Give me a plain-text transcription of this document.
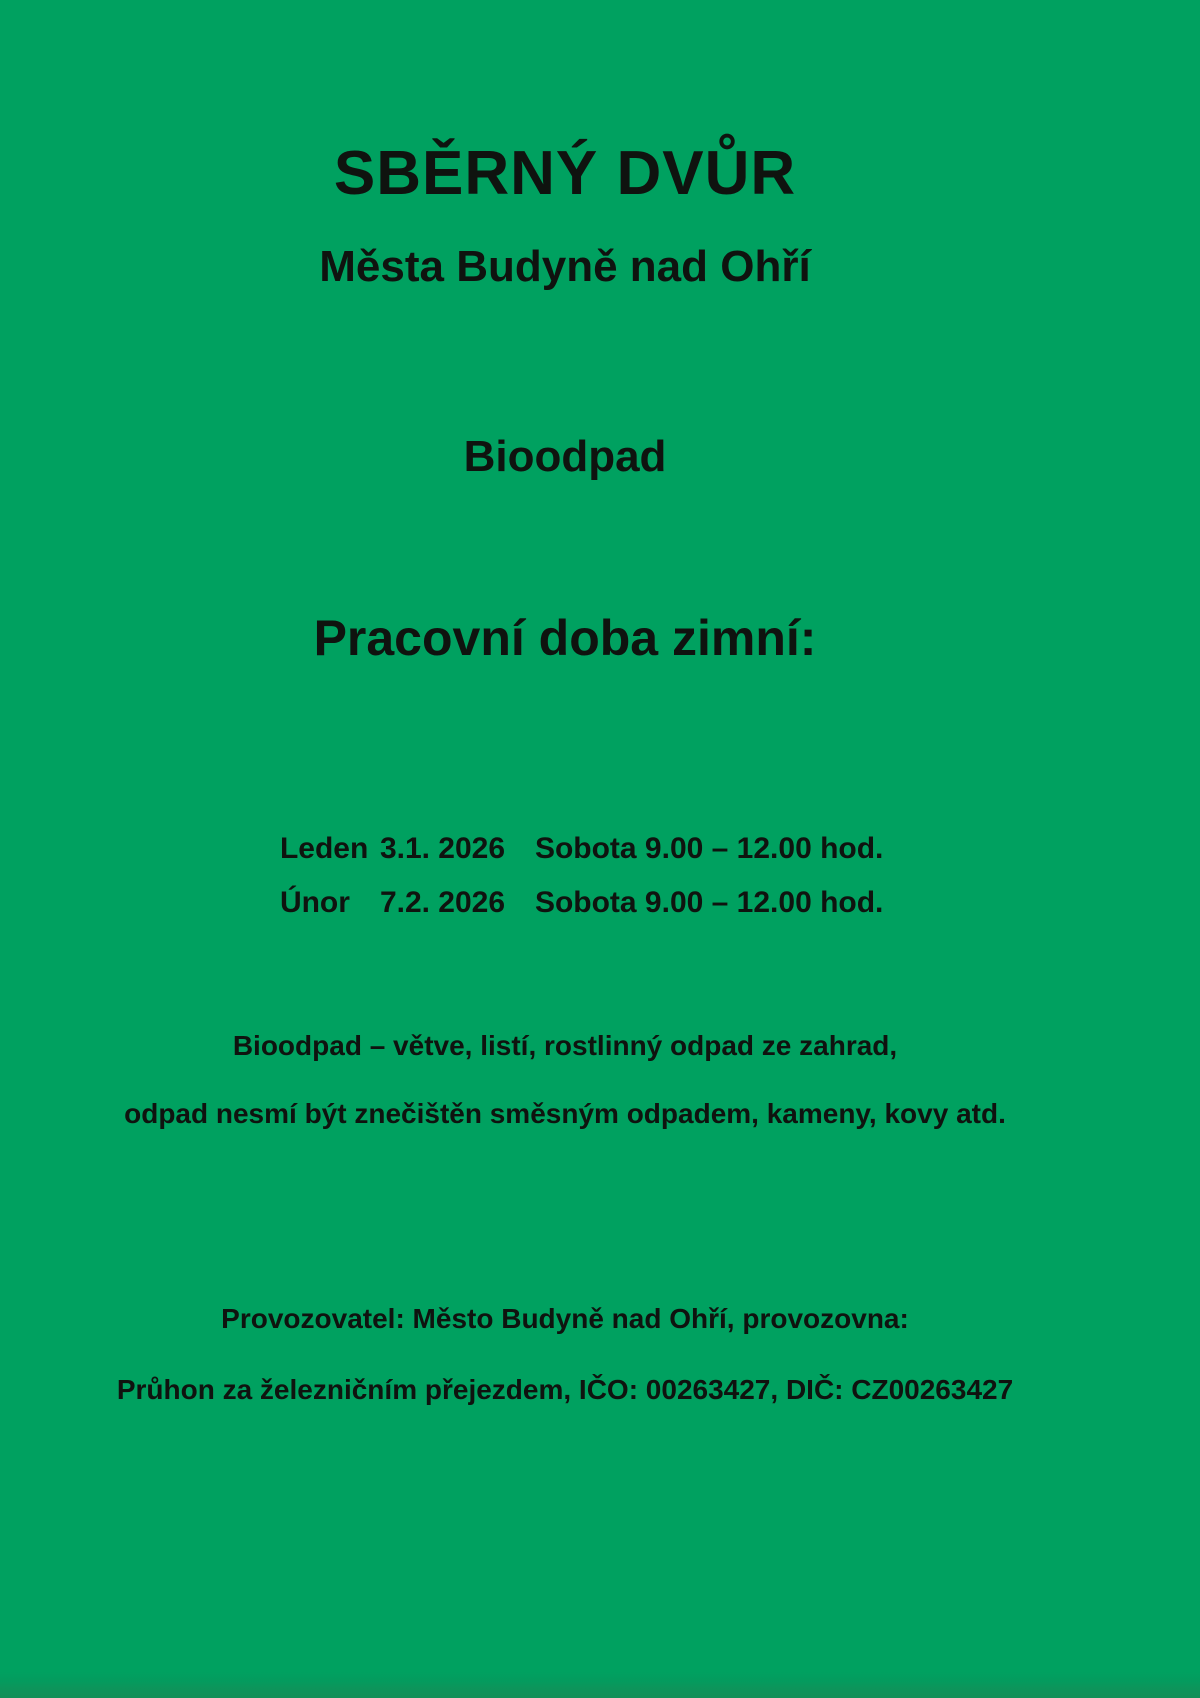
SBĚRNÝ DVŮR
Města Budyně nad Ohří
Bioodpad
Pracovní doba zimní:

Leden 3.1. 2026 Sobota 9.00 – 12.00 hod.

Únor	7.2. 2026 Sobota 9.00 – 12.00 hod.

Bioodpad – větve, listí, rostlinný odpad ze zahrad,
odpad nesmí být znečištěn směsným odpadem, kameny, kovy atd.
Provozovatel: Město Budyně nad Ohří, provozovna:
Průhon za železničním přejezdem, IČO: 00263427, DIČ: CZ00263427
